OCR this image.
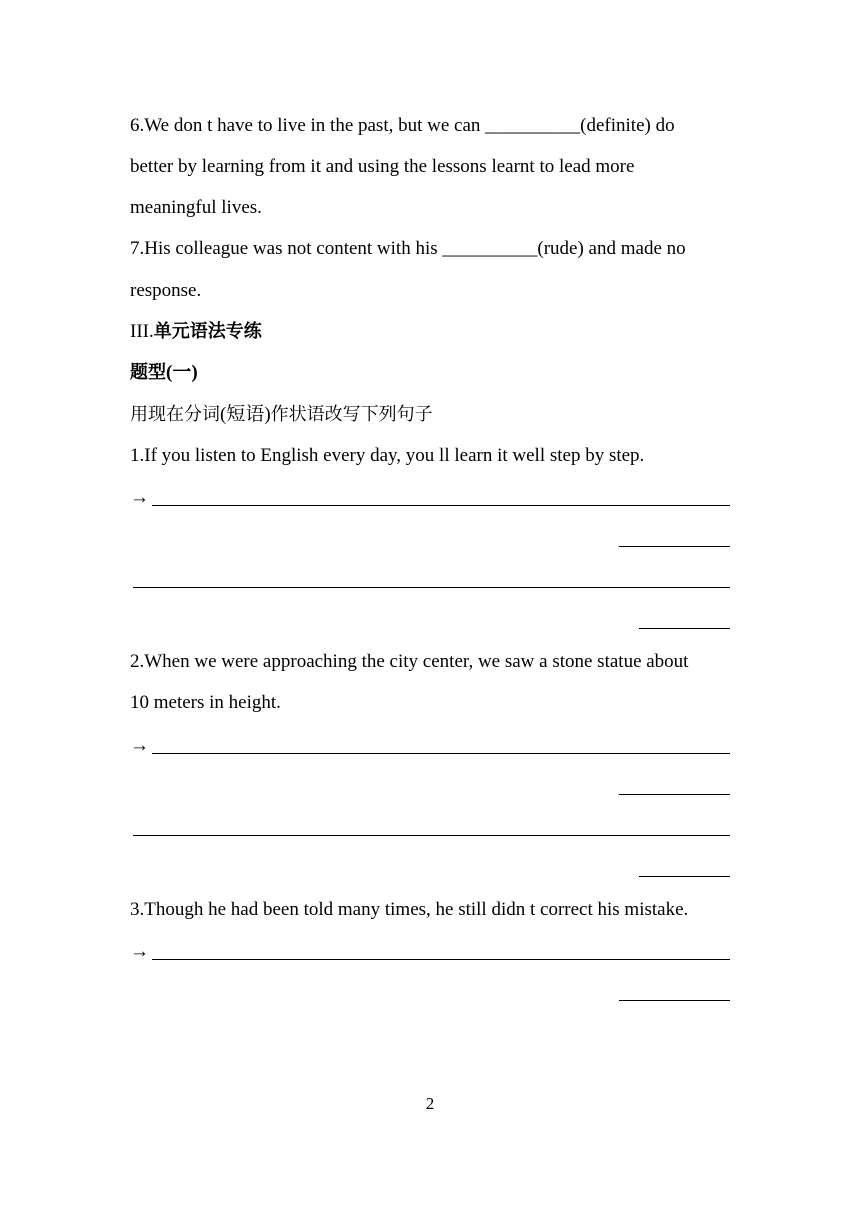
6.We don t have to live in the past, but we can __________(definite) do
better by learning from it and using the lessons learnt to lead more
meaningful lives.
7.His colleague was not content with his __________(rude) and made no
response.
III.单元语法专练
题型(一)
用现在分词(短语)作状语改写下列句子
1.If you listen to English every day, you ll learn it well step by step.
→
2.When we were approaching the city center, we saw a stone statue about
10 meters in height.
→
3.Though he had been told many times, he still didn t correct his mistake.
→
2
